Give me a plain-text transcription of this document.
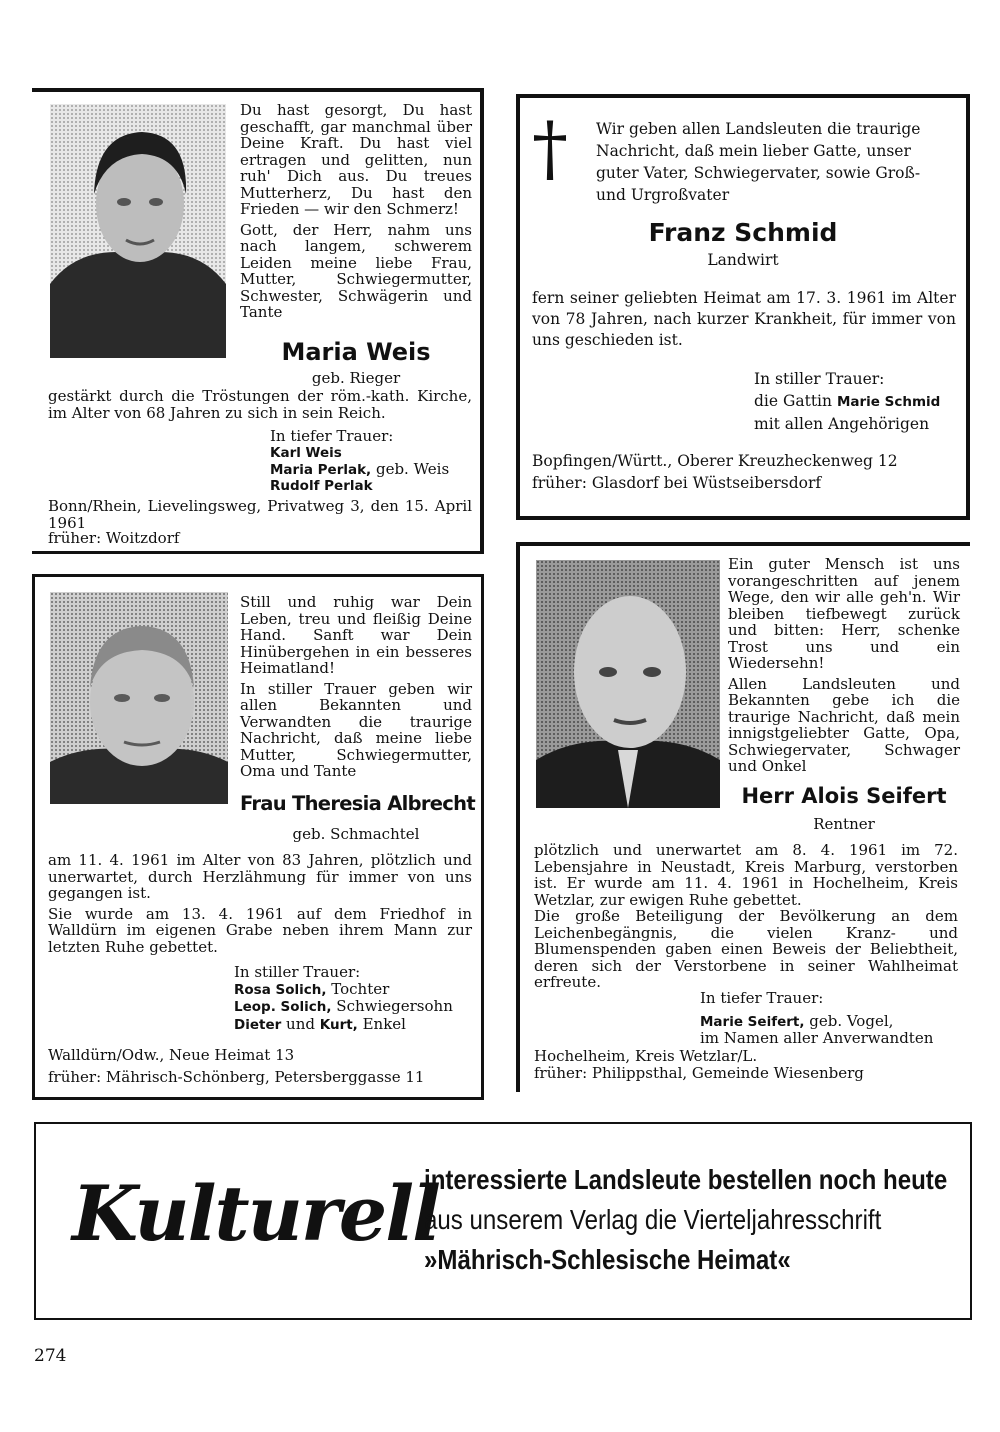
Du hast gesorgt, Du hast geschafft, gar manchmal über Deine Kraft. Du hast viel ertragen und gelitten, nun ruh' Dich aus. Du treues Mutterherz, Du hast den Frieden — wir den Schmerz!

Gott, der Herr, nahm uns nach langem, schwerem Leiden meine liebe Frau, Mutter, Schwiegermutter, Schwester, Schwägerin und Tante

Maria Weis
geb. Rieger
gestärkt durch die Tröstungen der röm.-kath. Kirche, im Alter von 68 Jahren zu sich in sein Reich.
In tiefer Trauer:
Karl Weis
Maria Perlak, geb. Weis
Rudolf Perlak
Bonn/Rhein, Lievelingsweg, Privatweg 3, den 15. April 1961
früher: Woitzdorf
† Wir geben allen Landsleuten die traurige Nachricht, daß mein lieber Gatte, unser guter Vater, Schwiegervater, sowie Groß- und Urgroßvater
Franz Schmid
Landwirt
fern seiner geliebten Heimat am 17. 3. 1961 im Alter von 78 Jahren, nach kurzer Krankheit, für immer von uns geschieden ist.
In stiller Trauer:
die Gattin Marie Schmid
mit allen Angehörigen
Bopfingen/Württ., Oberer Kreuzheckenweg 12
früher: Glasdorf bei Wüstseibersdorf

Still und ruhig war Dein Leben, treu und fleißig Deine Hand. Sanft war Dein Hinübergehen in ein besseres Heimatland!

In stiller Trauer geben wir allen Bekannten und Verwandten die traurige Nachricht, daß meine liebe Mutter, Schwiegermutter, Oma und Tante

Frau Theresia Albrecht
geb. Schmachtel

am 11. 4. 1961 im Alter von 83 Jahren, plötzlich und unerwartet, durch Herzlähmung für immer von uns gegangen ist.

Sie wurde am 13. 4. 1961 auf dem Friedhof in Walldürn im eigenen Grabe neben ihrem Mann zur letzten Ruhe gebettet.

In stiller Trauer:
Rosa Solich, Tochter
Leop. Solich, Schwiegersohn
Dieter und Kurt, Enkel
Walldürn/Odw., Neue Heimat 13
früher: Mährisch-Schönberg, Petersberggasse 11

Ein guter Mensch ist uns vorangeschritten auf jenem Wege, den wir alle geh'n. Wir bleiben tiefbewegt zurück und bitten: Herr, schenke Trost uns und ein Wiedersehn!

Allen Landsleuten und Bekannten gebe ich die traurige Nachricht, daß mein innigstgeliebter Gatte, Opa, Schwiegervater, Schwager und Onkel

Herr Alois Seifert
Rentner

plötzlich und unerwartet am 8. 4. 1961 im 72. Lebensjahre in Neustadt, Kreis Marburg, verstorben ist. Er wurde am 11. 4. 1961 in Hochelheim, Kreis Wetzlar, zur ewigen Ruhe gebettet.

Die große Beteiligung der Bevölkerung an dem Leichenbegängnis, die vielen Kranz- und Blumenspenden gaben einen Beweis der Beliebtheit, deren sich der Verstorbene in seiner Wahlheimat erfreute.

In tiefer Trauer:
Marie Seifert, geb. Vogel,
im Namen aller Anverwandten
Hochelheim, Kreis Wetzlar/L.
früher: Philippsthal, Gemeinde Wiesenberg
Kulturell
interessierte Landsleute bestellen noch heute
aus unserem Verlag die Vierteljahresschrift
»Mährisch-Schlesische Heimat«
274
